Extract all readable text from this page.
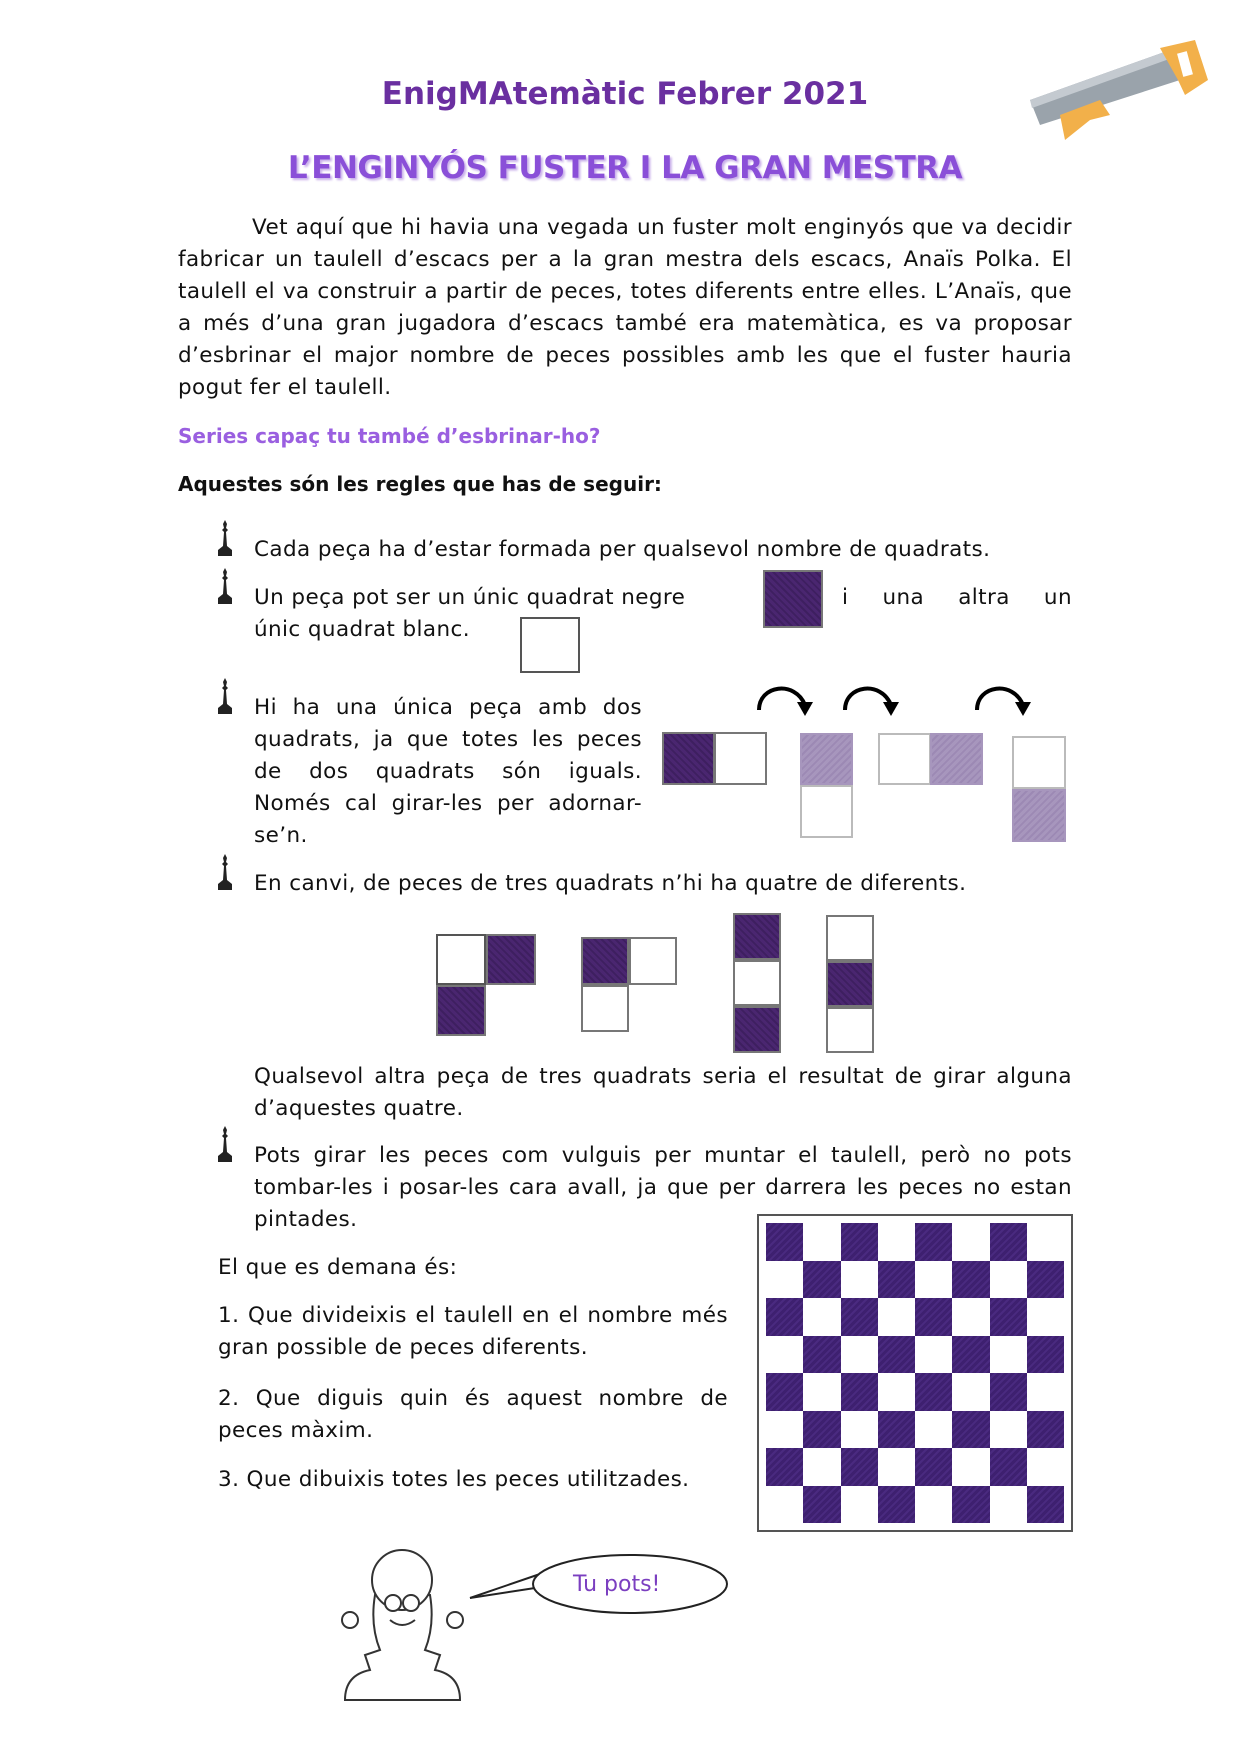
EnigMAtemàtic Febrer 2021
L’ENGINYÓS FUSTER I LA GRAN MESTRA
Vet aquí que hi havia una vegada un fuster molt enginyós que va decidir fabricar un taulell d’escacs per a la gran mestra dels escacs, Anaïs Polka. El taulell el va construir a partir de peces, totes diferents entre elles. L’Anaïs, que a més d’una gran jugadora d’escacs també era matemàtica, es va proposar d’esbrinar el major nombre de peces possibles amb les que el fuster hauria pogut fer el taulell.
Series capaç tu també d’esbrinar-ho?
Aquestes són les regles que has de seguir:
Cada peça ha d’estar formada per qualsevol nombre de quadrats.
Un peça pot ser un únic quadrat negre	i una altra un
únic quadrat blanc.
Hi ha una única peça amb dos quadrats, ja que totes les peces de dos quadrats són iguals. Només cal girar-les per adornar-se’n.
En canvi, de peces de tres quadrats n’hi ha quatre de diferents.
Qualsevol altra peça de tres quadrats seria el resultat de girar alguna d’aquestes quatre.
Pots girar les peces com vulguis per muntar el taulell, però no pots tombar-les i posar-les cara avall, ja que per darrera les peces no estan pintades.
El que es demana és:
1. Que divideixis el taulell en el nombre més gran possible de peces diferents.
2. Que diguis quin és aquest nombre de peces màxim.
3. Que dibuixis totes les peces utilitzades.
Tu pots!
